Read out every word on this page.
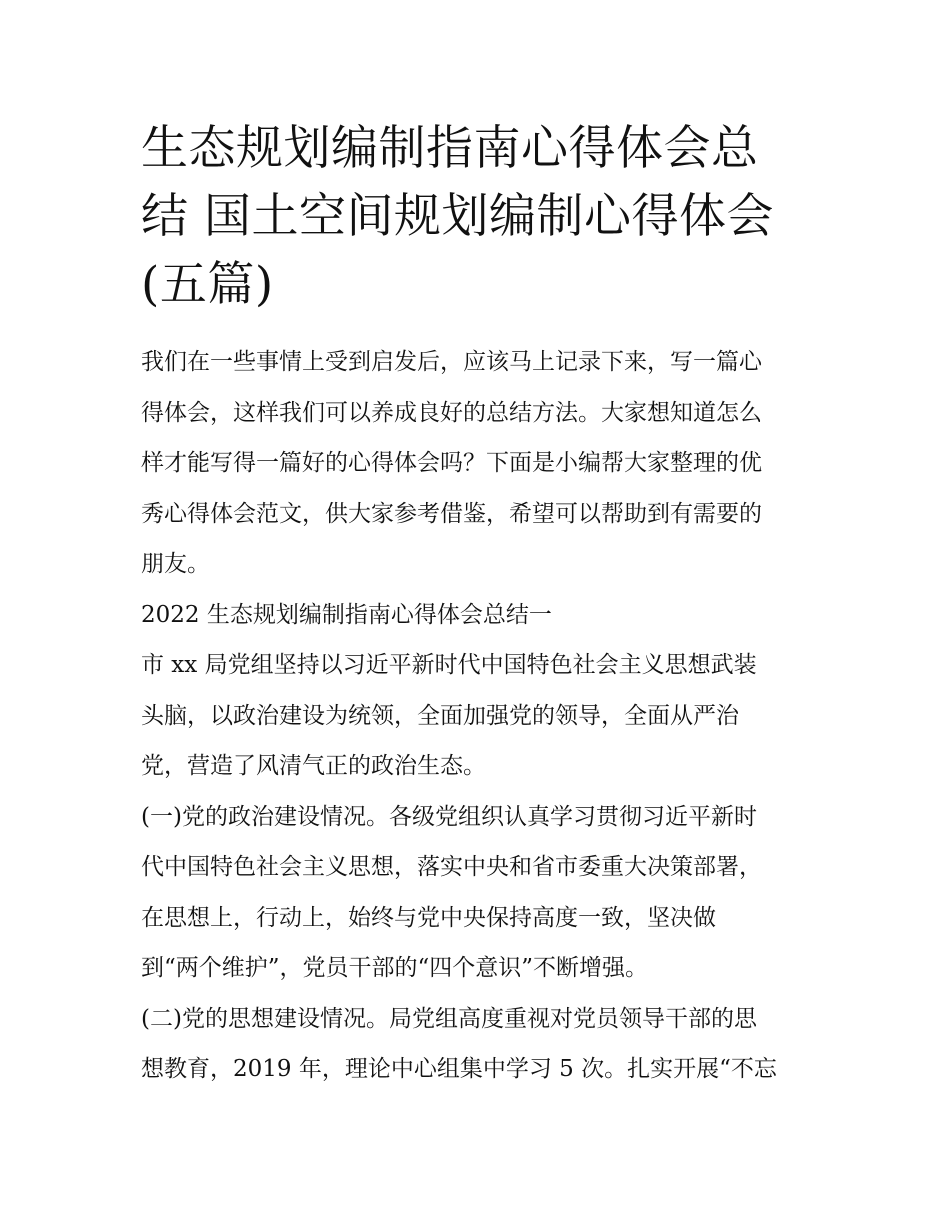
生态规划编制指南心得体会总
结 国土空间规划编制心得体会
(五篇)
我们在一些事情上受到启发后，应该马上记录下来，写一篇心
得体会，这样我们可以养成良好的总结方法。大家想知道怎么
样才能写得一篇好的心得体会吗？下面是小编帮大家整理的优
秀心得体会范文，供大家参考借鉴，希望可以帮助到有需要的
朋友。
2022 生态规划编制指南心得体会总结一
市 xx 局党组坚持以习近平新时代中国特色社会主义思想武装
头脑，以政治建设为统领，全面加强党的领导，全面从严治
党，营造了风清气正的政治生态。
(一)党的政治建设情况。各级党组织认真学习贯彻习近平新时
代中国特色社会主义思想，落实中央和省市委重大决策部署，
在思想上，行动上，始终与党中央保持高度一致，坚决做
到“两个维护”，党员干部的“四个意识”不断增强。
(二)党的思想建设情况。局党组高度重视对党员领导干部的思
想教育，2019 年，理论中心组集中学习 5 次。扎实开展“不忘
